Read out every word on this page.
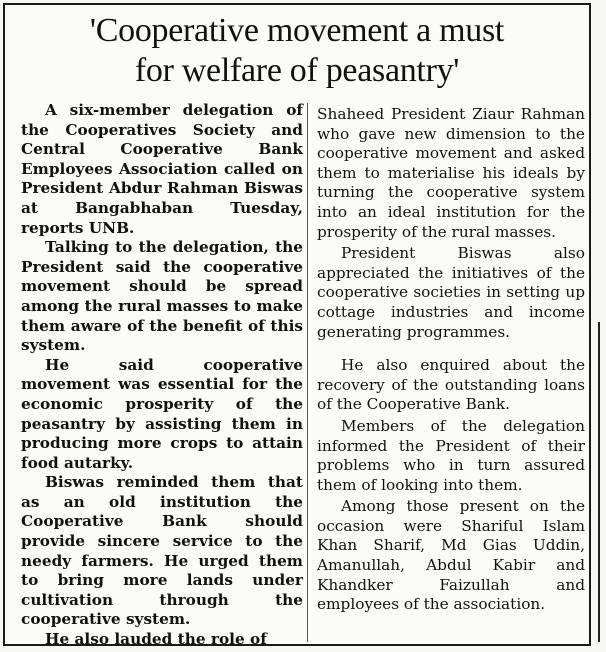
'Cooperative movement a must
for welfare of peasantry'

A six-member delegation of the Cooperatives Society and Central Cooperative Bank Employees Association called on President Abdur Rahman Biswas at Bangabhaban Tuesday, reports UNB.

Talking to the delegation, the President said the cooperative movement should be spread among the rural masses to make them aware of the benefit of this system.

He said cooperative movement was essential for the economic prosperity of the peasantry by assisting them in producing more crops to attain food autarky.

Biswas reminded them that as an old institution the Cooperative Bank should provide sincere service to the needy farmers. He urged them to bring more lands under cultivation through the cooperative system.

He also lauded the role of

Shaheed President Ziaur Rahman who gave new dimension to the cooperative movement and asked them to materialise his ideals by turning the cooperative system into an ideal institution for the prosperity of the rural masses.

President Biswas also appreciated the initiatives of the cooperative societies in setting up cottage industries and income generating programmes.

He also enquired about the recovery of the outstanding loans of the Cooperative Bank.

Members of the delegation informed the President of their problems who in turn assured them of looking into them.

Among those present on the occasion were Shariful Islam Khan Sharif, Md Gias Uddin, Amanullah, Abdul Kabir and Khandker Faizullah and employees of the association.
